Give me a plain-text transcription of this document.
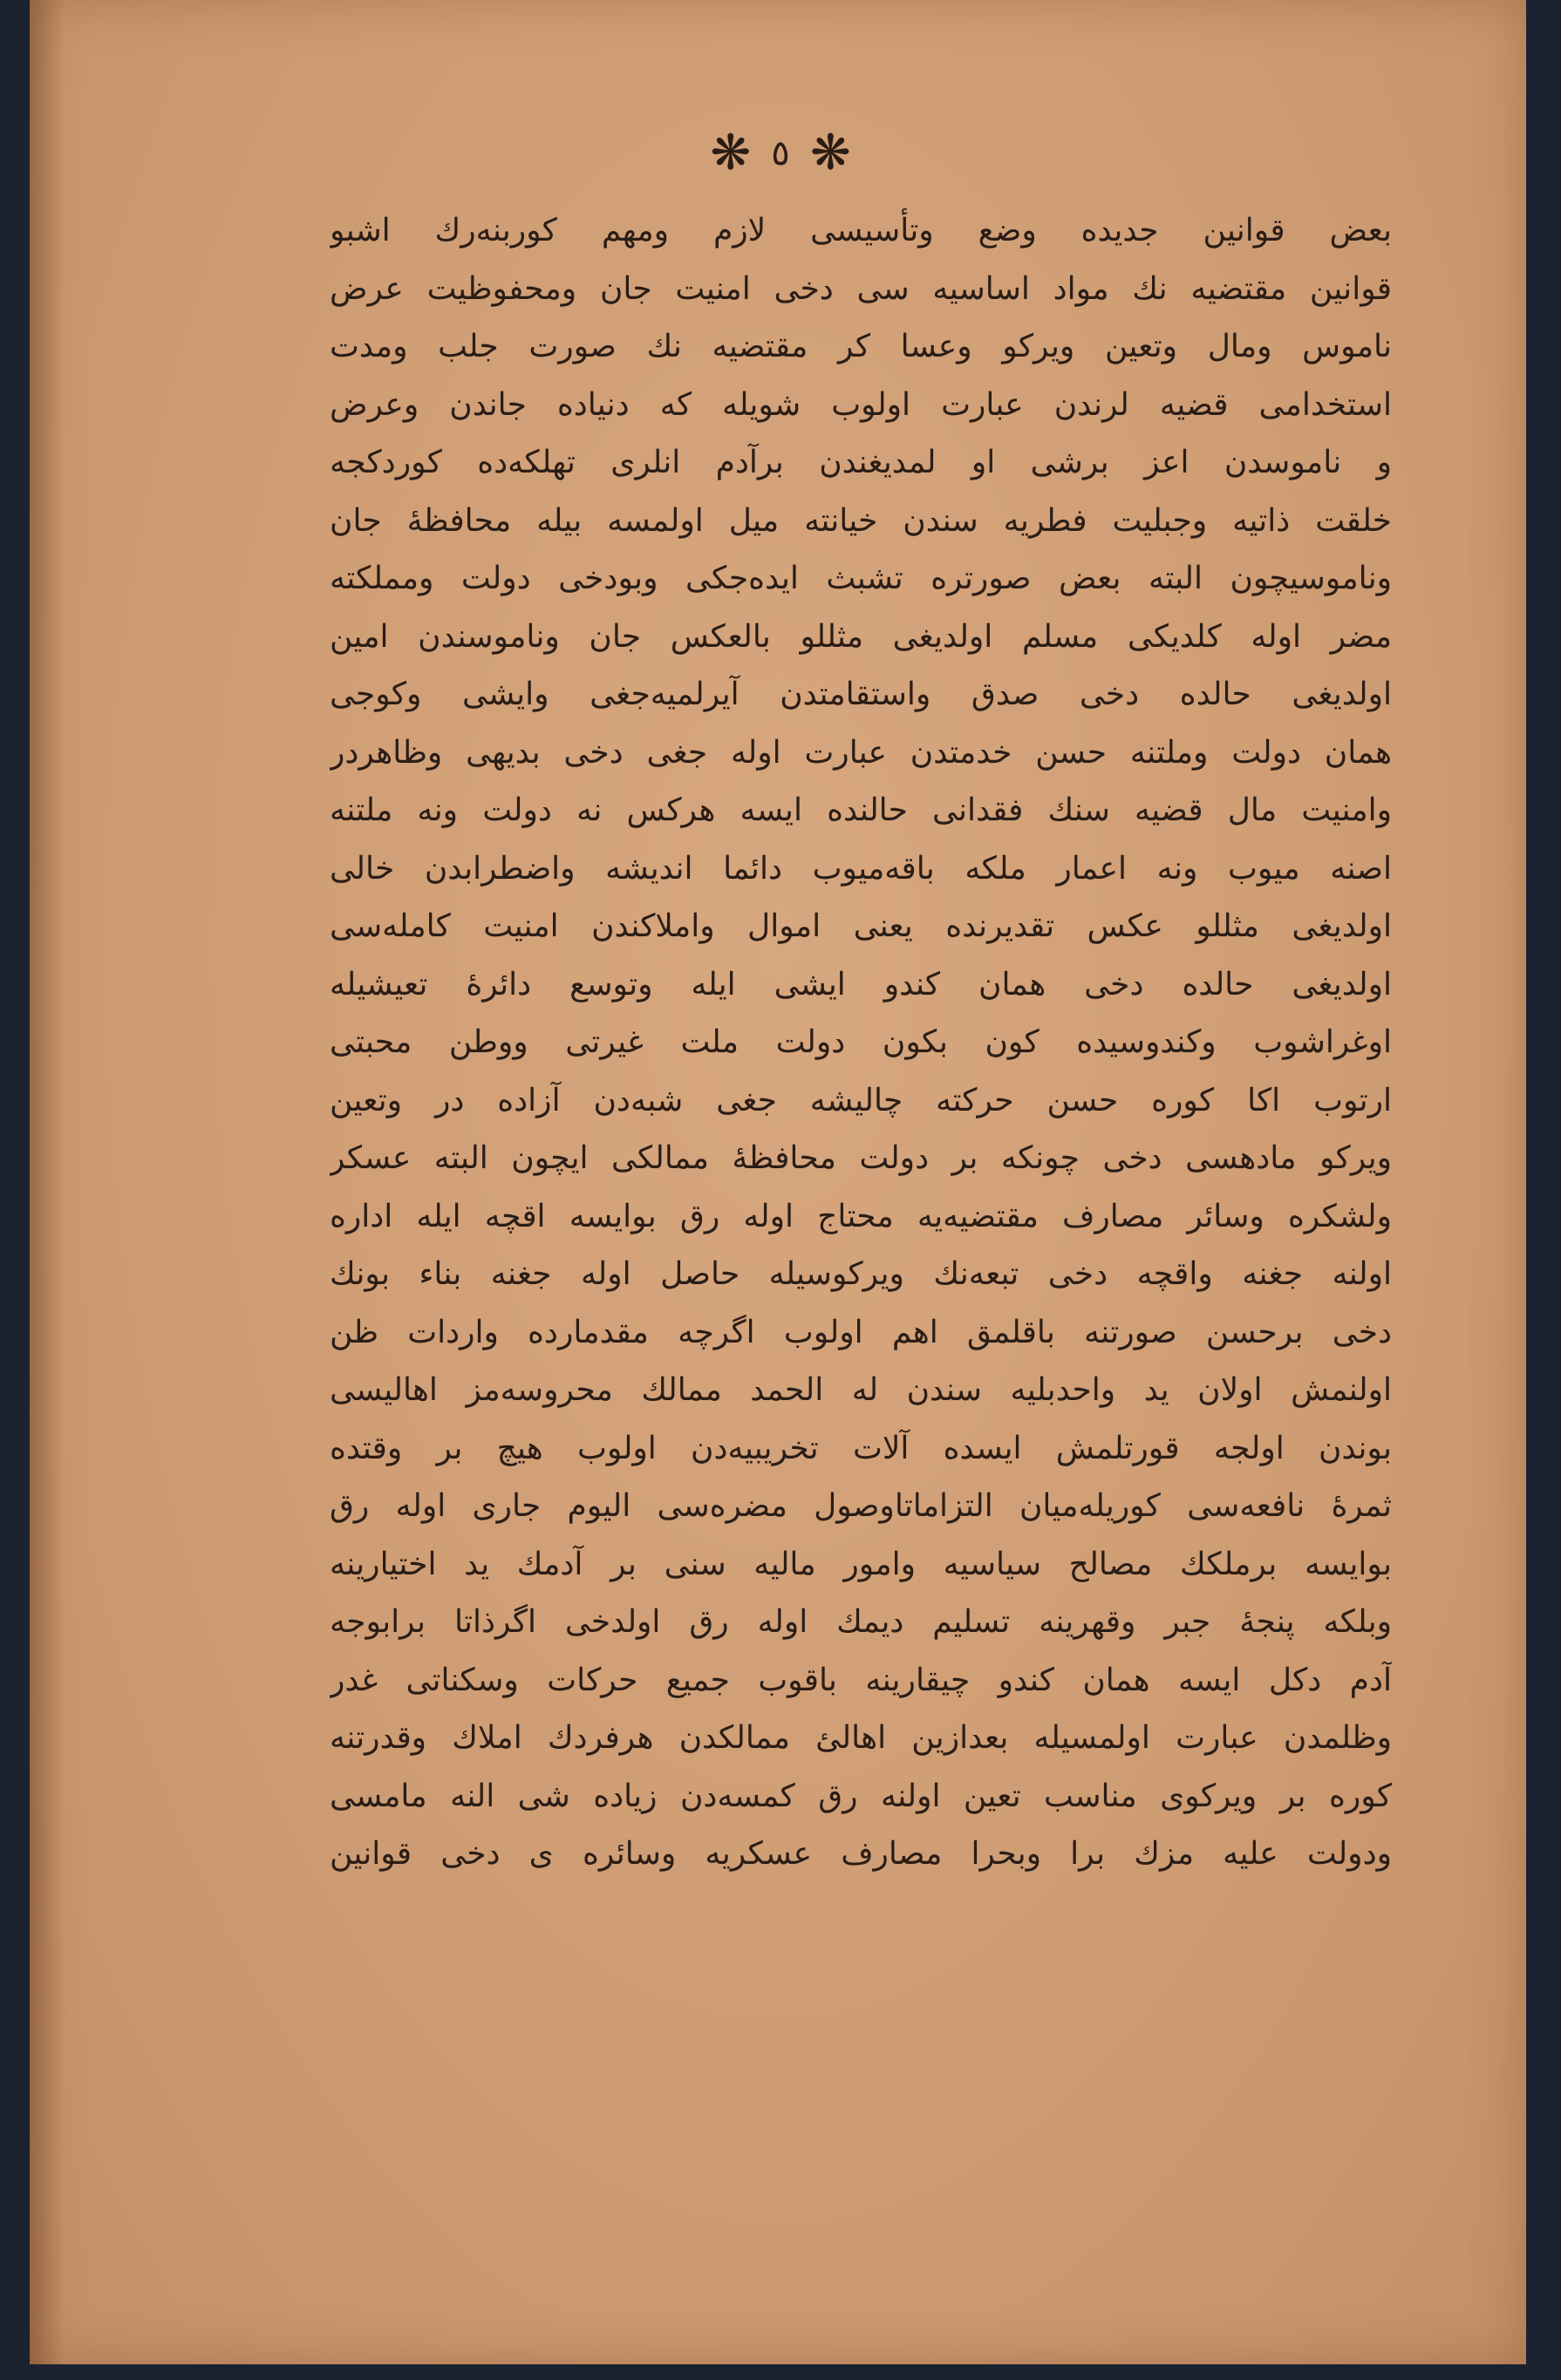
❋ ٥ ❋
بعض قوانين جديده وضع وتأسيسى لازم ومهم كوربنه‌رك اشبو
قوانين مقتضيه نك مواد اساسيه سى دخى امنيت جان ومحفوظيت عرض
ناموس ومال وتعين ويركو وعسا كر مقتضيه نك صورت جلب ومدت
استخدامى قضيه لرندن عبارت اولوب شويله كه دنياده جاندن وعرض
و ناموسدن اعز برشى او لمديغندن برآدم انلرى تهلكه‌ده كوردكجه
خلقت ذاتيه وجبليت فطريه سندن خيانته ميل اولمسه بيله محافظهٔ جان
وناموسيچون البته بعض صورتره تشبث ايده‌جكى وبودخى دولت ومملكته
مضر اوله كلديكى مسلم اولديغى مثللو بالعكس جان وناموسندن امين
اولديغى حالده دخى صدق واستقامتدن آيرلميه‌جغى وايشى وكوجى
همان دولت وملتنه حسن خدمتدن عبارت اوله جغى دخى بديهى وظاهردر
وامنيت مال قضيه سنك فقدانى حالنده ايسه هركس نه دولت ونه ملتنه
اصنه ميوب ونه اعمار ملكه باقه‌ميوب دائما انديشه واضطرابدن خالى
اولديغى مثللو عكس تقديرنده يعنى اموال واملاكندن امنيت كامله‌سى
اولديغى حالده دخى همان كندو ايشى ايله وتوسع دائرهٔ تعيشيله
اوغراشوب وكندوسيده كون بكون دولت ملت غيرتى ووطن محبتى
ارتوب اكا كوره حسن حركته چاليشه جغى شبه‌دن آزاده در وتعين
ويركو مادهسى دخى چونكه بر دولت محافظهٔ ممالكى ايچون البته عسكر
ولشكره وسائر مصارف مقتضيه‌يه محتاج اوله رق بوايسه اقچه ايله اداره
اولنه جغنه واقچه دخى تبعه‌نك ويركوسيله حاصل اوله جغنه بناء بونك
دخى برحسن صورتنه باقلمق اهم اولوب اگرچه مقدمارده واردات ظن
اولنمش اولان يد واحدبليه سندن له الحمد ممالك محروسه‌مز اهاليسى
بوندن اولجه قورتلمش ايسده آلات تخريبيه‌دن اولوب هيچ بر وقتده
ثمرهٔ نافعه‌سى كوريله‌ميان التزاماتاوصول مضره‌سى اليوم جارى اوله رق
بوايسه برملكك مصالح سياسيه وامور ماليه سنى بر آدمك يد اختيارينه
وبلكه پنجهٔ جبر وقهرينه تسليم ديمك اوله رق اولدخى اگرذاتا برابوجه
آدم دكل ايسه همان كندو چيقارينه باقوب جميع حركات وسكناتى غدر
وظلمدن عبارت اولمسيله بعدازين اهالئ ممالكدن هرفردك املاك وقدرتنه
كوره بر ويركوى مناسب تعين اولنه رق كمسه‌دن زياده شى النه مامسى
ودولت عليه مزك برا وبحرا مصارف عسكريه وسائره ى دخى قوانين
